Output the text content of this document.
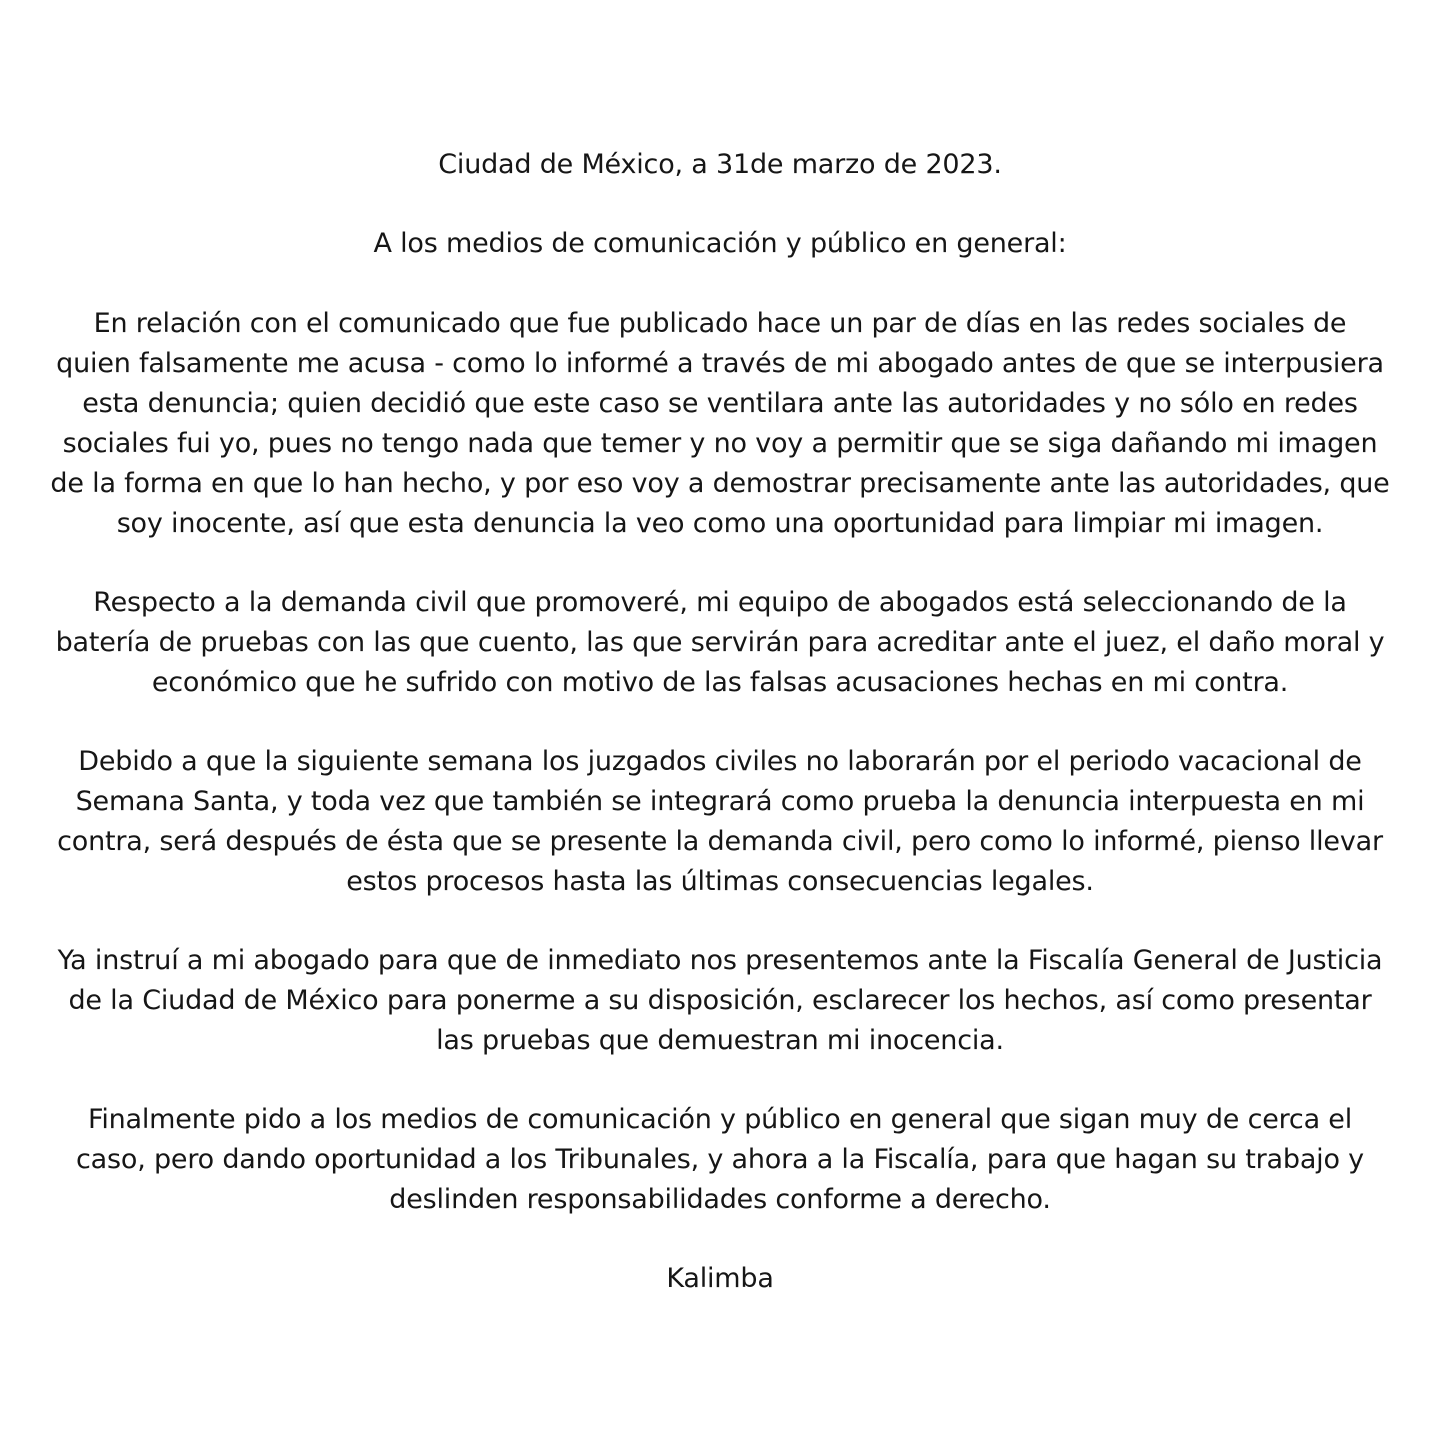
Ciudad de México, a 31de marzo de 2023.

A los medios de comunicación y público en general:

En relación con el comunicado que fue publicado hace un par de días en las redes sociales de
quien falsamente me acusa - como lo informé a través de mi abogado antes de que se interpusiera
esta denuncia; quien decidió que este caso se ventilara ante las autoridades y no sólo en redes
sociales fui yo, pues no tengo nada que temer y no voy a permitir que se siga dañando mi imagen
de la forma en que lo han hecho, y por eso voy a demostrar precisamente ante las autoridades, que
soy inocente, así que esta denuncia la veo como una oportunidad para limpiar mi imagen.

Respecto a la demanda civil que promoveré, mi equipo de abogados está seleccionando de la
batería de pruebas con las que cuento, las que servirán para acreditar ante el juez, el daño moral y
económico que he sufrido con motivo de las falsas acusaciones hechas en mi contra.

Debido a que la siguiente semana los juzgados civiles no laborarán por el periodo vacacional de
Semana Santa, y toda vez que también se integrará como prueba la denuncia interpuesta en mi
contra, será después de ésta que se presente la demanda civil, pero como lo informé, pienso llevar
estos procesos hasta las últimas consecuencias legales.

Ya instruí a mi abogado para que de inmediato nos presentemos ante la Fiscalía General de Justicia
de la Ciudad de México para ponerme a su disposición, esclarecer los hechos, así como presentar
las pruebas que demuestran mi inocencia.

Finalmente pido a los medios de comunicación y público en general que sigan muy de cerca el
caso, pero dando oportunidad a los Tribunales, y ahora a la Fiscalía, para que hagan su trabajo y
deslinden responsabilidades conforme a derecho.

Kalimba
